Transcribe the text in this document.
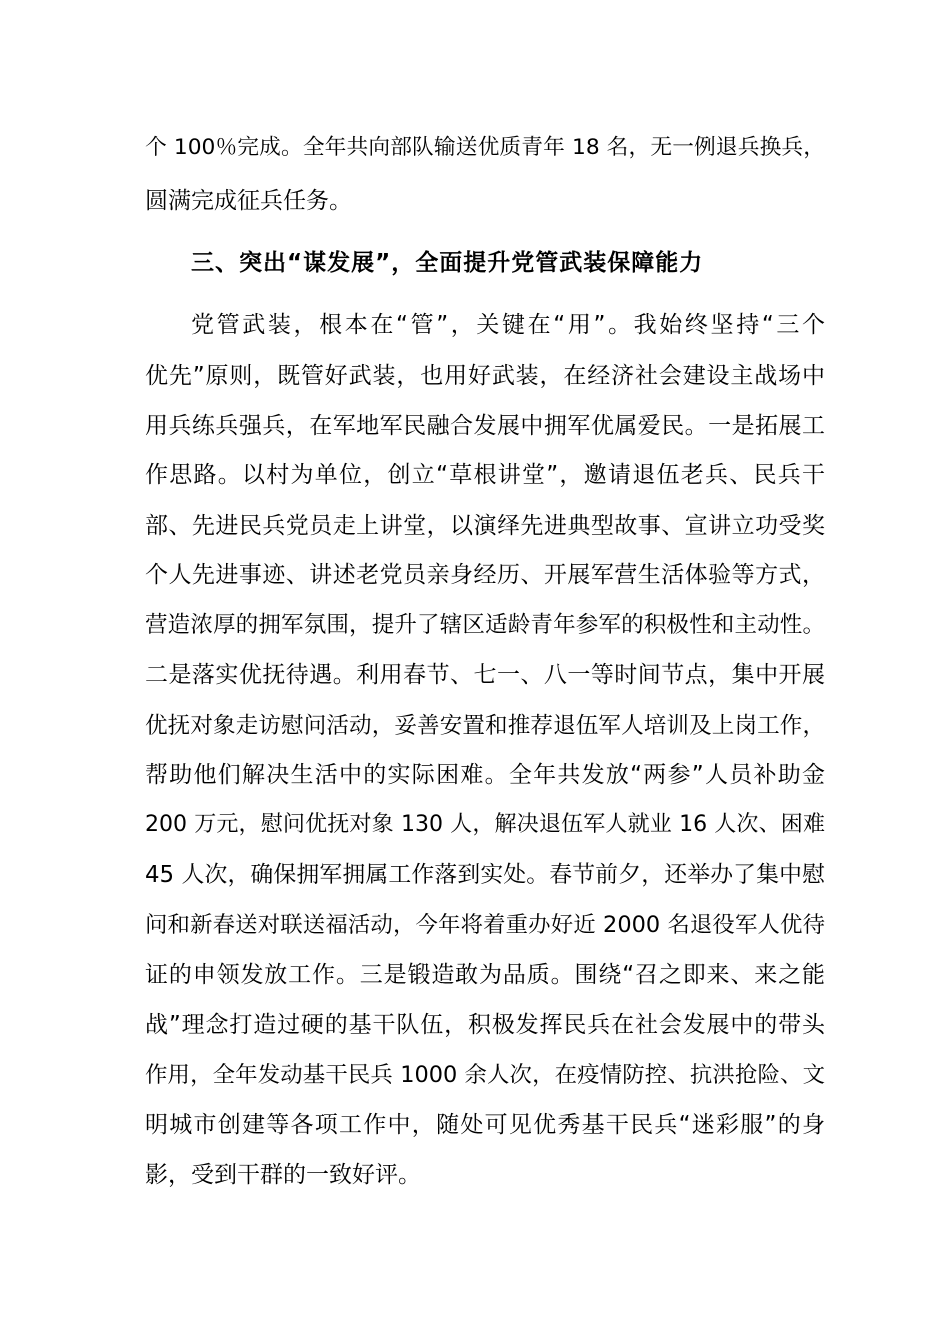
个 100％完成。全年共向部队输送优质青年 18 名，无一例退兵换兵，
圆满完成征兵任务。
三、突出“谋发展”，全面提升党管武装保障能力
党管武装，根本在“管”，关键在“用”。我始终坚持“三个
优先”原则，既管好武装，也用好武装，在经济社会建设主战场中
用兵练兵强兵，在军地军民融合发展中拥军优属爱民。一是拓展工
作思路。以村为单位，创立“草根讲堂”，邀请退伍老兵、民兵干
部、先进民兵党员走上讲堂，以演绎先进典型故事、宣讲立功受奖
个人先进事迹、讲述老党员亲身经历、开展军营生活体验等方式，
营造浓厚的拥军氛围，提升了辖区适龄青年参军的积极性和主动性。
二是落实优抚待遇。利用春节、七一、八一等时间节点，集中开展
优抚对象走访慰问活动，妥善安置和推荐退伍军人培训及上岗工作，
帮助他们解决生活中的实际困难。全年共发放“两参”人员补助金
200 万元，慰问优抚对象 130 人，解决退伍军人就业 16 人次、困难
45 人次，确保拥军拥属工作落到实处。春节前夕，还举办了集中慰
问和新春送对联送福活动，今年将着重办好近 2000 名退役军人优待
证的申领发放工作。三是锻造敢为品质。围绕“召之即来、来之能
战”理念打造过硬的基干队伍，积极发挥民兵在社会发展中的带头
作用，全年发动基干民兵 1000 余人次，在疫情防控、抗洪抢险、文
明城市创建等各项工作中，随处可见优秀基干民兵“迷彩服”的身
影，受到干群的一致好评。
